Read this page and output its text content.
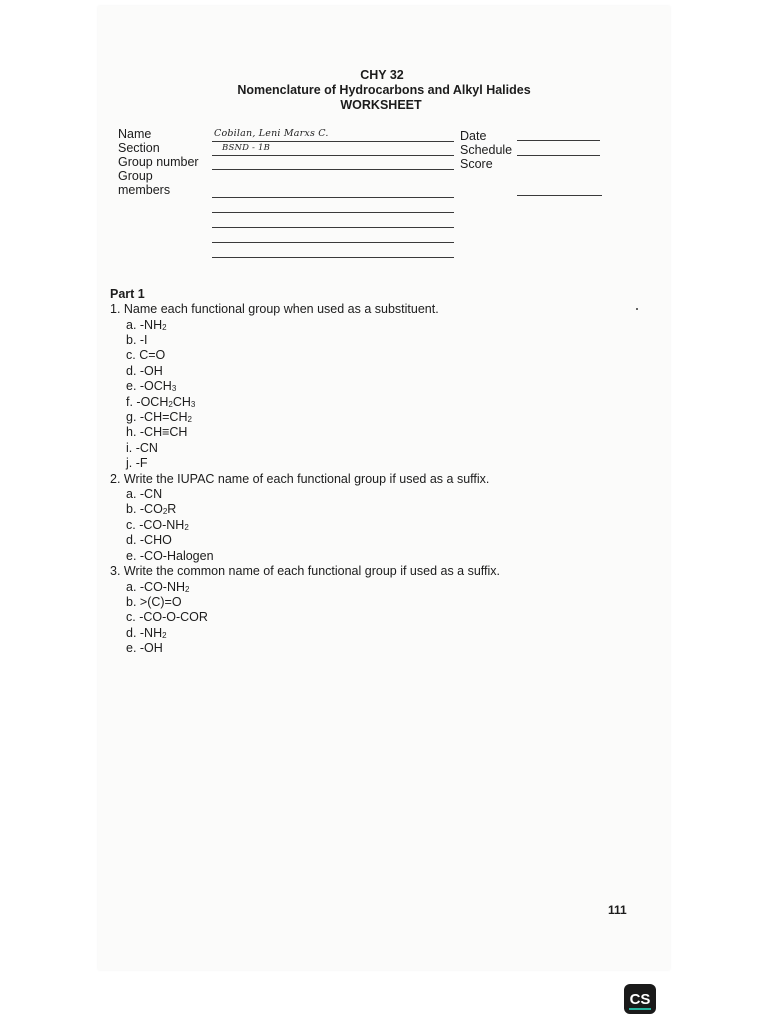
CHY 32
Nomenclature of Hydrocarbons and Alkyl Halides
WORKSHEET
Name
Section
Group number
Group
members
Cobilan, Leni Marxs C.
BSND - 1B
Date
Schedule
Score
Part 1
1. Name each functional group when used as a substituent.
a. $-NH_2$
b. -I
c. C=O
d. -OH
e. $-OCH_3$
f. $-OCH_2CH_3$
g. $-CH=CH_2$
h. -CH≡CH
i. -CN
j. -F
2. Write the IUPAC name of each functional group if used as a suffix.
a. -CN
b. $-CO_2R$
c. $-CO-NH_2$
d. -CHO
e. -CO-Halogen
3. Write the common name of each functional group if used as a suffix.
a. $-CO-NH_2$
b. >(C)=O
c. -CO-O-COR
d. $-NH_2$
e. -OH
111
CS
